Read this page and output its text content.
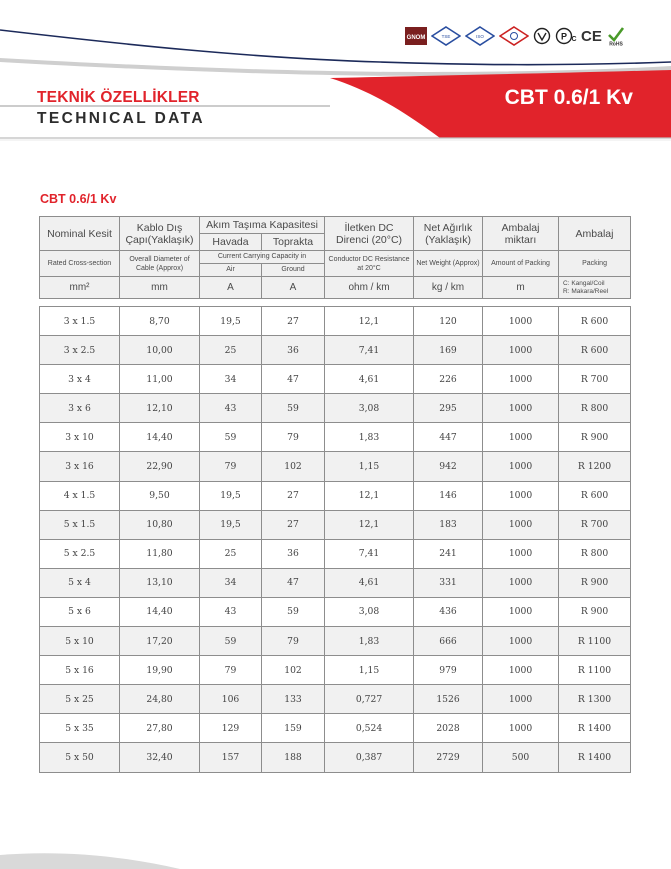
TEKNİK ÖZELLİKLER
TECHNICAL DATA
CBT 0.6/1 Kv
GNOM	TSE	ISO	P C CE RoHS
CBT 0.6/1 Kv
Nominal Kesit	Kablo Dış Çapı(Yaklaşık)	Akım Taşıma Kapasitesi		İletken DC Direnci (20°C)	Net Ağırlık (Yaklaşık)	Ambalaj miktarı	Ambalaj
		Havada	Toprakta				
Rated Cross-section	Overall Diameter of Cable (Approx)	Current Carrying Capacity in		Conductor DC Resistance at 20°C	Net Weight (Approx)	Amount of Packing	Packing
		Air	Ground				
mm²	mm	A	A	ohm / km	kg / km	m	C: Kangal/Coil
R: Makara/Reel

3 x 1.5	8,70	19,5	27	12,1	120	1000	R 600
3 x 2.5	10,00	25	36	7,41	169	1000	R 600
3 x 4	11,00	34	47	4,61	226	1000	R 700
3 x 6	12,10	43	59	3,08	295	1000	R 800
3 x 10	14,40	59	79	1,83	447	1000	R 900
3 x 16	22,90	79	102	1,15	942	1000	R 1200
4 x 1.5	9,50	19,5	27	12,1	146	1000	R 600
5 x 1.5	10,80	19,5	27	12,1	183	1000	R 700
5 x 2.5	11,80	25	36	7,41	241	1000	R 800
5 x 4	13,10	34	47	4,61	331	1000	R 900
5 x 6	14,40	43	59	3,08	436	1000	R 900
5 x 10	17,20	59	79	1,83	666	1000	R 1100
5 x 16	19,90	79	102	1,15	979	1000	R 1100
5 x 25	24,80	106	133	0,727	1526	1000	R 1300
5 x 35	27,80	129	159	0,524	2028	1000	R 1400
5 x 50	32,40	157	188	0,387	2729	500	R 1400
